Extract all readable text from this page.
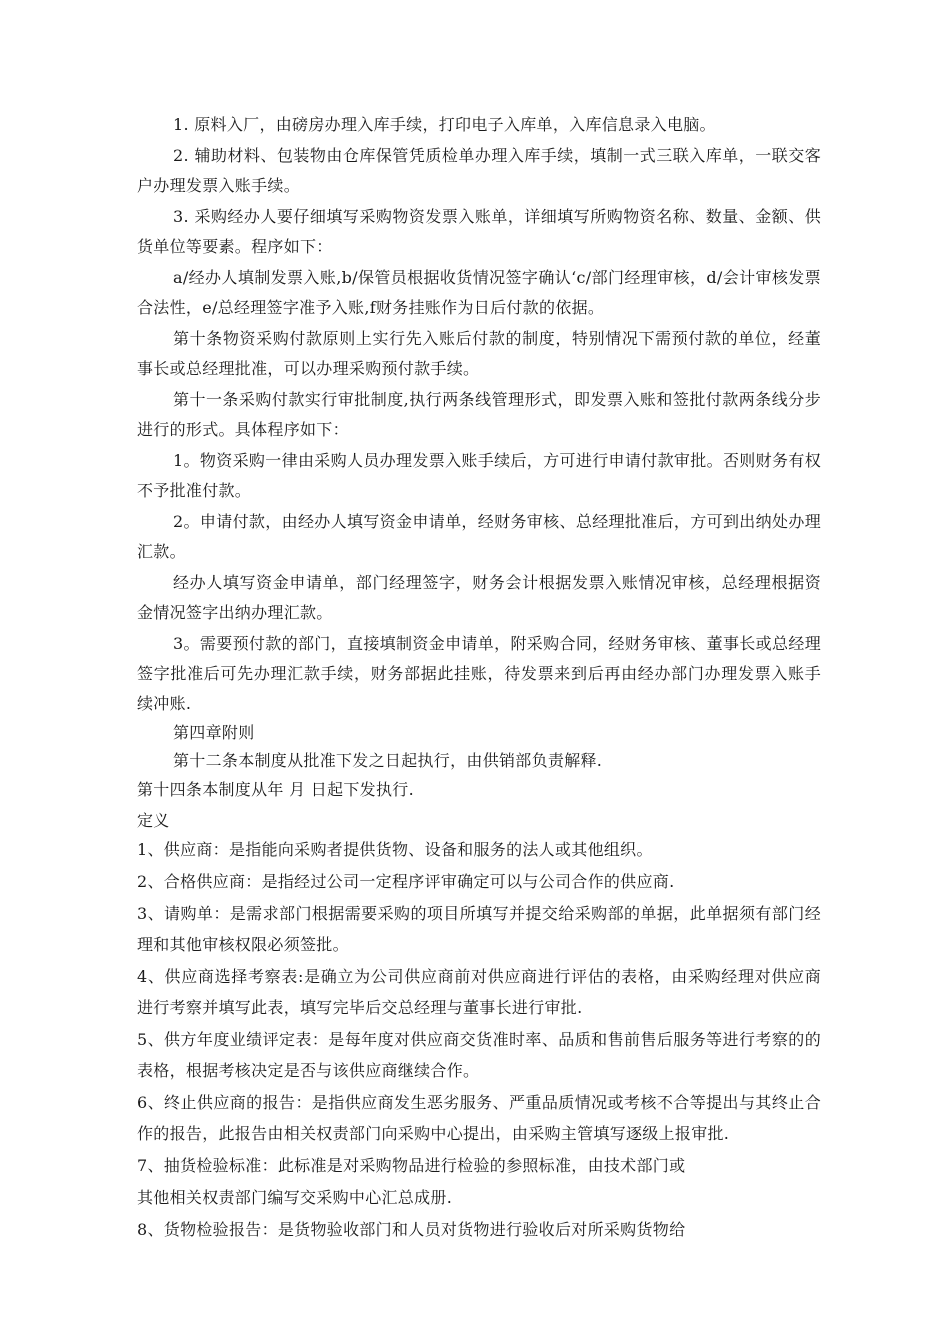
1. 原料入厂，由磅房办理入库手续，打印电子入库单，入库信息录入电脑。

2. 辅助材料、包装物由仓库保管凭质检单办理入库手续，填制一式三联入库单，一联交客户办理发票入账手续。

3. 采购经办人要仔细填写采购物资发票入账单，详细填写所购物资名称、数量、金额、供货单位等要素。程序如下：

a/经办人填制发票入账,b/保管员根据收货情况签字确认‘c/部门经理审核，d/会计审核发票合法性，e/总经理签字准予入账,f财务挂账作为日后付款的依据。

第十条物资采购付款原则上实行先入账后付款的制度，特别情况下需预付款的单位，经董事长或总经理批准，可以办理采购预付款手续。

第十一条采购付款实行审批制度,执行两条线管理形式，即发票入账和签批付款两条线分步进行的形式。具体程序如下：

1。物资采购一律由采购人员办理发票入账手续后，方可进行申请付款审批。否则财务有权不予批准付款。

2。申请付款，由经办人填写资金申请单，经财务审核、总经理批准后，方可到出纳处办理汇款。

经办人填写资金申请单，部门经理签字，财务会计根据发票入账情况审核，总经理根据资金情况签字出纳办理汇款。

3。需要预付款的部门，直接填制资金申请单，附采购合同，经财务审核、董事长或总经理签字批准后可先办理汇款手续，财务部据此挂账，待发票来到后再由经办部门办理发票入账手续冲账.

第四章附则

第十二条本制度从批准下发之日起执行，由供销部负责解释.

第十四条本制度从年 月 日起下发执行.

定义

1、供应商：是指能向采购者提供货物、设备和服务的法人或其他组织。

2、合格供应商：是指经过公司一定程序评审确定可以与公司合作的供应商.

3、请购单：是需求部门根据需要采购的项目所填写并提交给采购部的单据，此单据须有部门经理和其他审核权限必须签批。

4、供应商选择考察表:是确立为公司供应商前对供应商进行评估的表格，由采购经理对供应商进行考察并填写此表，填写完毕后交总经理与董事长进行审批.

5、供方年度业绩评定表：是每年度对供应商交货准时率、品质和售前售后服务等进行考察的的表格，根据考核决定是否与该供应商继续合作。

6、终止供应商的报告：是指供应商发生恶劣服务、严重品质情况或考核不合等提出与其终止合作的报告，此报告由相关权责部门向采购中心提出，由采购主管填写逐级上报审批.

7、抽货检验标准：此标准是对采购物品进行检验的参照标准，由技术部门或

其他相关权责部门编写交采购中心汇总成册.

8、货物检验报告：是货物验收部门和人员对货物进行验收后对所采购货物给
